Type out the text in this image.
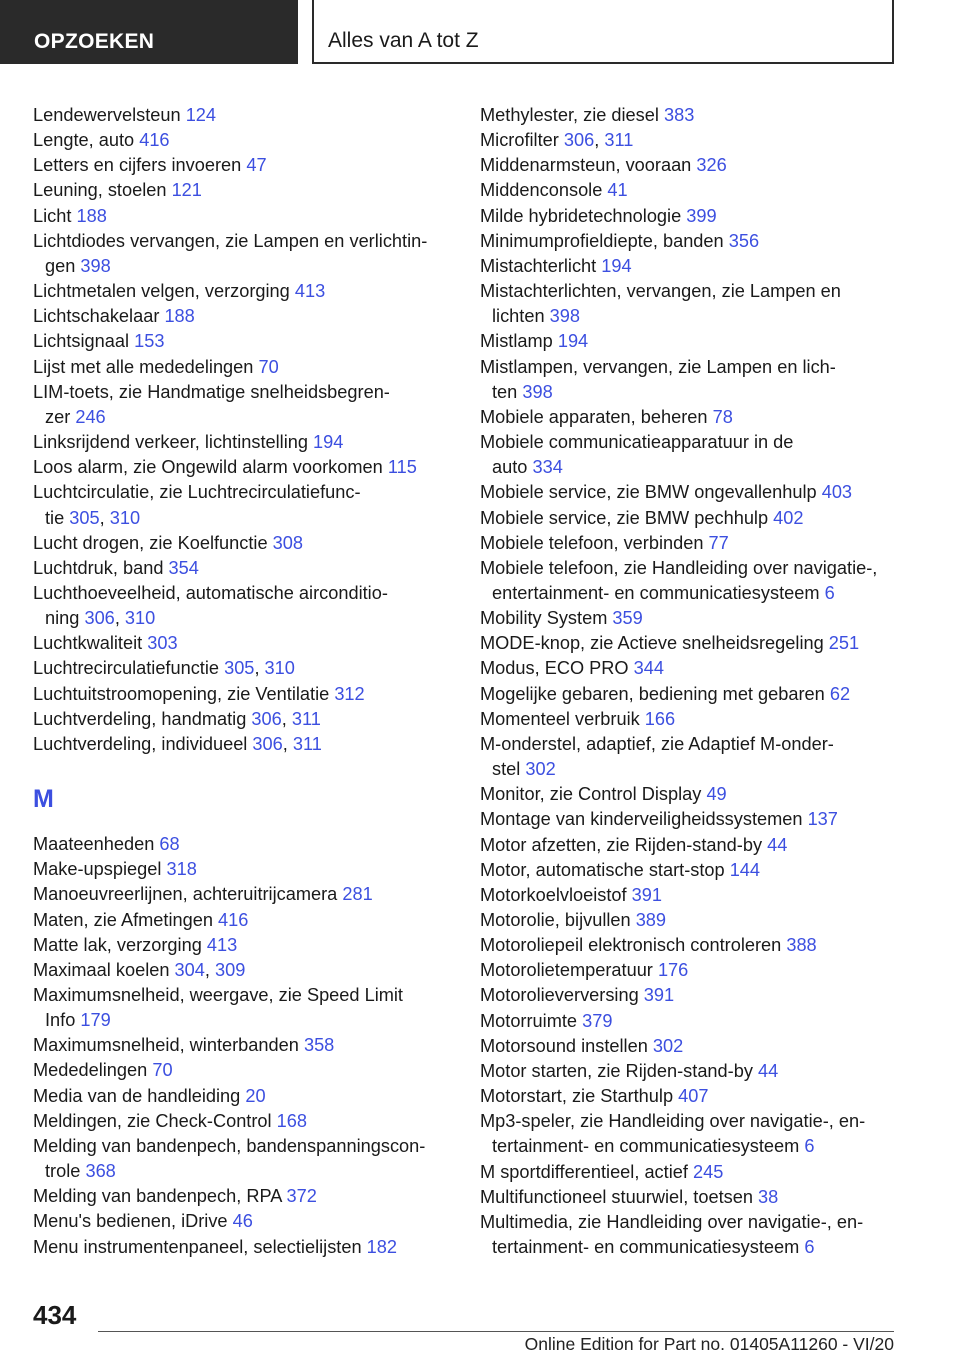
OPZOEKEN	Alles van A tot Z
Lendewervelsteun 124
Lengte, auto 416
Letters en cijfers invoeren 47
Leuning, stoelen 121
Licht 188
Lichtdiodes vervangen, zie Lampen en verlichtin-
gen 398
Lichtmetalen velgen, verzorging 413
Lichtschakelaar 188
Lichtsignaal 153
Lijst met alle mededelingen 70
LIM-toets, zie Handmatige snelheidsbegren-
zer 246
Linksrijdend verkeer, lichtinstelling 194
Loos alarm, zie Ongewild alarm voorkomen 115
Luchtcirculatie, zie Luchtrecirculatiefunc-
tie 305, 310
Lucht drogen, zie Koelfunctie 308
Luchtdruk, band 354
Luchthoeveelheid, automatische airconditio-
ning 306, 310
Luchtkwaliteit 303
Luchtrecirculatiefunctie 305, 310
Luchtuitstroomopening, zie Ventilatie 312
Luchtverdeling, handmatig 306, 311
Luchtverdeling, individueel 306, 311
M
Maateenheden 68
Make-upspiegel 318
Manoeuvreerlijnen, achteruitrijcamera 281
Maten, zie Afmetingen 416
Matte lak, verzorging 413
Maximaal koelen 304, 309
Maximumsnelheid, weergave, zie Speed Limit
Info 179
Maximumsnelheid, winterbanden 358
Mededelingen 70
Media van de handleiding 20
Meldingen, zie Check-Control 168
Melding van bandenpech, bandenspanningscon-
trole 368
Melding van bandenpech, RPA 372
Menu's bedienen, iDrive 46
Menu instrumentenpaneel, selectielijsten 182
Methylester, zie diesel 383
Microfilter 306, 311
Middenarmsteun, vooraan 326
Middenconsole 41
Milde hybridetechnologie 399
Minimumprofieldiepte, banden 356
Mistachterlicht 194
Mistachterlichten, vervangen, zie Lampen en
lichten 398
Mistlamp 194
Mistlampen, vervangen, zie Lampen en lich-
ten 398
Mobiele apparaten, beheren 78
Mobiele communicatieapparatuur in de
auto 334
Mobiele service, zie BMW ongevallenhulp 403
Mobiele service, zie BMW pechhulp 402
Mobiele telefoon, verbinden 77
Mobiele telefoon, zie Handleiding over navigatie-,
entertainment- en communicatiesysteem 6
Mobility System 359
MODE-knop, zie Actieve snelheidsregeling 251
Modus, ECO PRO 344
Mogelijke gebaren, bediening met gebaren 62
Momenteel verbruik 166
M-onderstel, adaptief, zie Adaptief M-onder-
stel 302
Monitor, zie Control Display 49
Montage van kinderveiligheidssystemen 137
Motor afzetten, zie Rijden-stand-by 44
Motor, automatische start-stop 144
Motorkoelvloeistof 391
Motorolie, bijvullen 389
Motoroliepeil elektronisch controleren 388
Motorolietemperatuur 176
Motorolieverversing 391
Motorruimte 379
Motorsound instellen 302
Motor starten, zie Rijden-stand-by 44
Motorstart, zie Starthulp 407
Mp3-speler, zie Handleiding over navigatie-, en-
tertainment- en communicatiesysteem 6
M sportdifferentieel, actief 245
Multifunctioneel stuurwiel, toetsen 38
Multimedia, zie Handleiding over navigatie-, en-
tertainment- en communicatiesysteem 6
434
Online Edition for Part no. 01405A11260 - VI/20
